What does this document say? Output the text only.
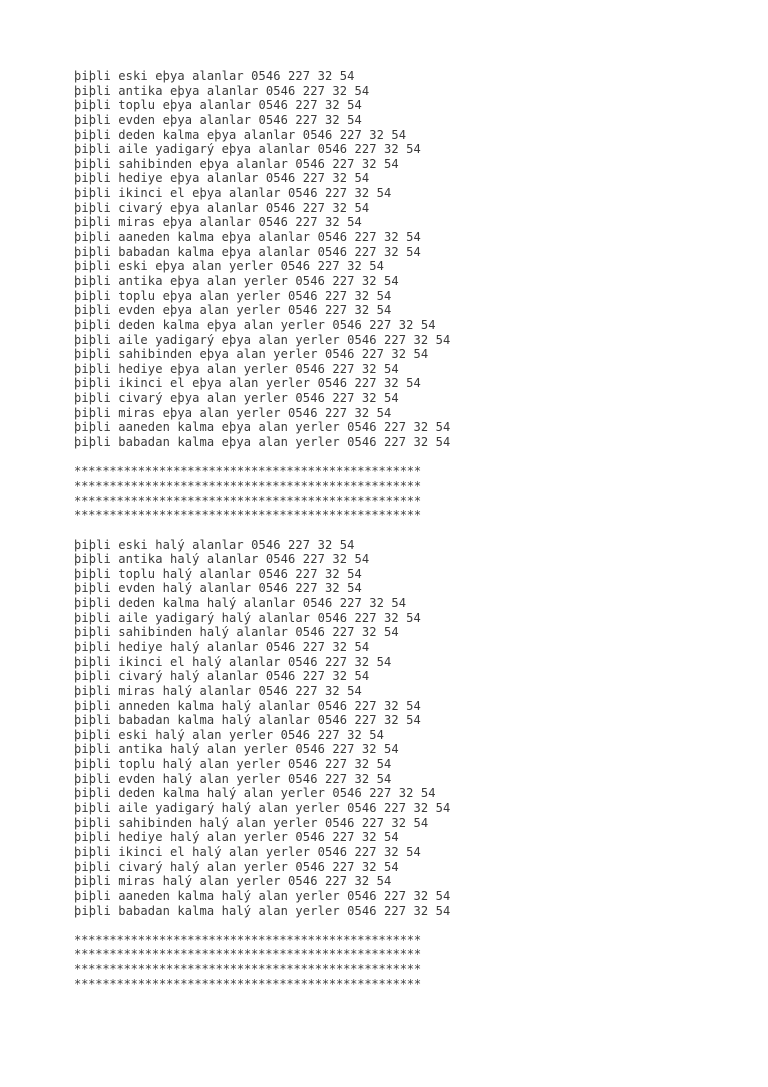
þiþli eski eþya alanlar 0546 227 32 54
þiþli antika eþya alanlar 0546 227 32 54
þiþli toplu eþya alanlar 0546 227 32 54
þiþli evden eþya alanlar 0546 227 32 54
þiþli deden kalma eþya alanlar 0546 227 32 54
þiþli aile yadigarý eþya alanlar 0546 227 32 54
þiþli sahibinden eþya alanlar 0546 227 32 54
þiþli hediye eþya alanlar 0546 227 32 54
þiþli ikinci el eþya alanlar 0546 227 32 54
þiþli civarý eþya alanlar 0546 227 32 54
þiþli miras eþya alanlar 0546 227 32 54
þiþli aaneden kalma eþya alanlar 0546 227 32 54
þiþli babadan kalma eþya alanlar 0546 227 32 54
þiþli eski eþya alan yerler 0546 227 32 54
þiþli antika eþya alan yerler 0546 227 32 54
þiþli toplu eþya alan yerler 0546 227 32 54
þiþli evden eþya alan yerler 0546 227 32 54
þiþli deden kalma eþya alan yerler 0546 227 32 54
þiþli aile yadigarý eþya alan yerler 0546 227 32 54
þiþli sahibinden eþya alan yerler 0546 227 32 54
þiþli hediye eþya alan yerler 0546 227 32 54
þiþli ikinci el eþya alan yerler 0546 227 32 54
þiþli civarý eþya alan yerler 0546 227 32 54
þiþli miras eþya alan yerler 0546 227 32 54
þiþli aaneden kalma eþya alan yerler 0546 227 32 54
þiþli babadan kalma eþya alan yerler 0546 227 32 54
*************************************************
*************************************************
*************************************************
*************************************************
þiþli eski halý alanlar 0546 227 32 54
þiþli antika halý alanlar 0546 227 32 54
þiþli toplu halý alanlar 0546 227 32 54
þiþli evden halý alanlar 0546 227 32 54
þiþli deden kalma halý alanlar 0546 227 32 54
þiþli aile yadigarý halý alanlar 0546 227 32 54
þiþli sahibinden halý alanlar 0546 227 32 54
þiþli hediye halý alanlar 0546 227 32 54
þiþli ikinci el halý alanlar 0546 227 32 54
þiþli civarý halý alanlar 0546 227 32 54
þiþli miras halý alanlar 0546 227 32 54
þiþli anneden kalma halý alanlar 0546 227 32 54
þiþli babadan kalma halý alanlar 0546 227 32 54
þiþli eski halý alan yerler 0546 227 32 54
þiþli antika halý alan yerler 0546 227 32 54
þiþli toplu halý alan yerler 0546 227 32 54
þiþli evden halý alan yerler 0546 227 32 54
þiþli deden kalma halý alan yerler 0546 227 32 54
þiþli aile yadigarý halý alan yerler 0546 227 32 54
þiþli sahibinden halý alan yerler 0546 227 32 54
þiþli hediye halý alan yerler 0546 227 32 54
þiþli ikinci el halý alan yerler 0546 227 32 54
þiþli civarý halý alan yerler 0546 227 32 54
þiþli miras halý alan yerler 0546 227 32 54
þiþli aaneden kalma halý alan yerler 0546 227 32 54
þiþli babadan kalma halý alan yerler 0546 227 32 54
*************************************************
*************************************************
*************************************************
*************************************************
